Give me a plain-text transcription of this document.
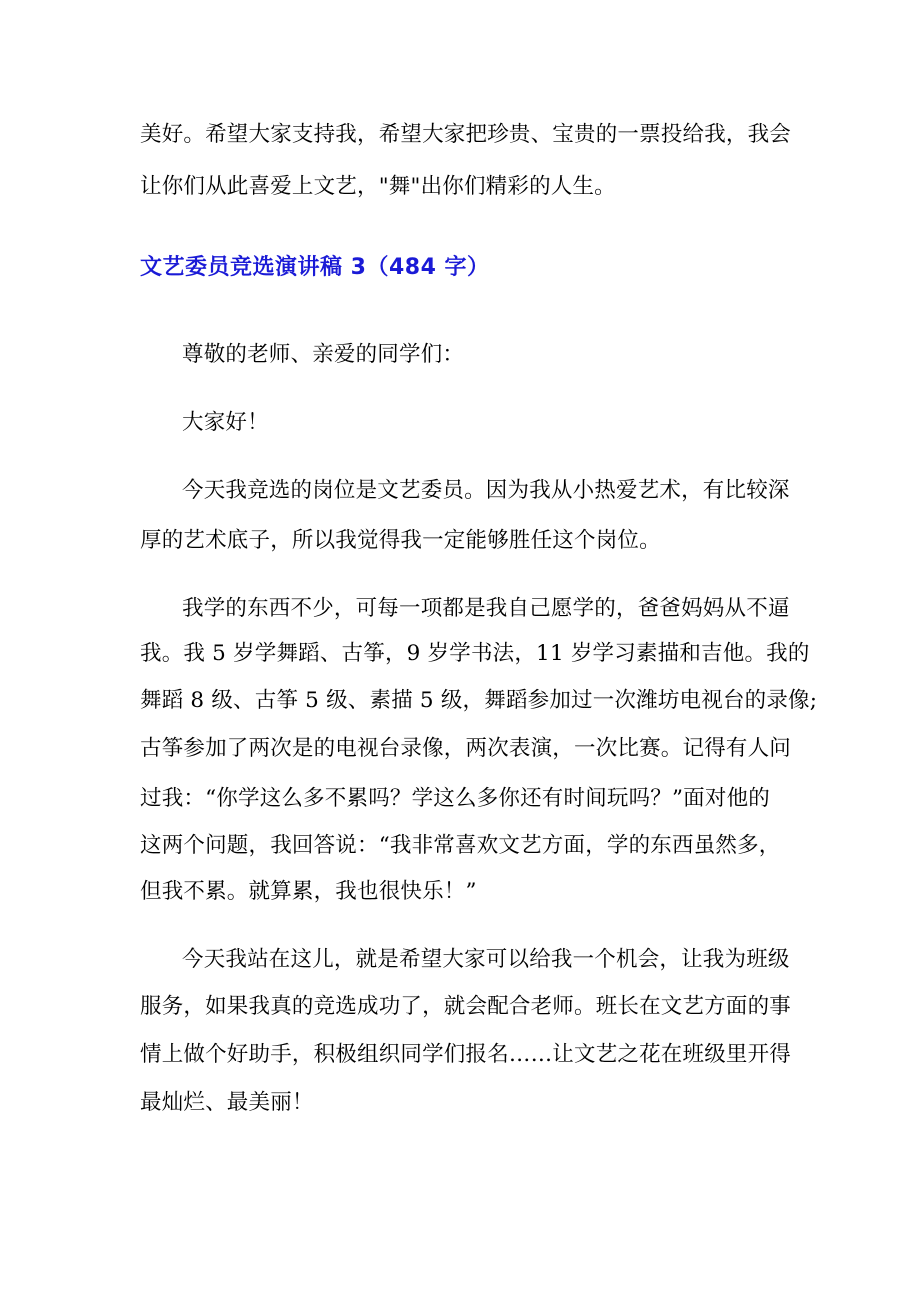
美好。希望大家支持我，希望大家把珍贵、宝贵的一票投给我，我会
让你们从此喜爱上文艺，"舞"出你们精彩的人生。
文艺委员竞选演讲稿 3（484 字）
尊敬的老师、亲爱的同学们：
大家好！
今天我竞选的岗位是文艺委员。因为我从小热爱艺术，有比较深
厚的艺术底子，所以我觉得我一定能够胜任这个岗位。
我学的东西不少，可每一项都是我自己愿学的，爸爸妈妈从不逼
我。我 5 岁学舞蹈、古筝，9 岁学书法，11 岁学习素描和吉他。我的
舞蹈 8 级、古筝 5 级、素描 5 级，舞蹈参加过一次潍坊电视台的录像;
古筝参加了两次是的电视台录像，两次表演，一次比赛。记得有人问
过我：“你学这么多不累吗？学这么多你还有时间玩吗？”面对他的
这两个问题，我回答说：“我非常喜欢文艺方面，学的东西虽然多，
但我不累。就算累，我也很快乐！”
今天我站在这儿，就是希望大家可以给我一个机会，让我为班级
服务，如果我真的竞选成功了，就会配合老师。班长在文艺方面的事
情上做个好助手，积极组织同学们报名……让文艺之花在班级里开得
最灿烂、最美丽！
